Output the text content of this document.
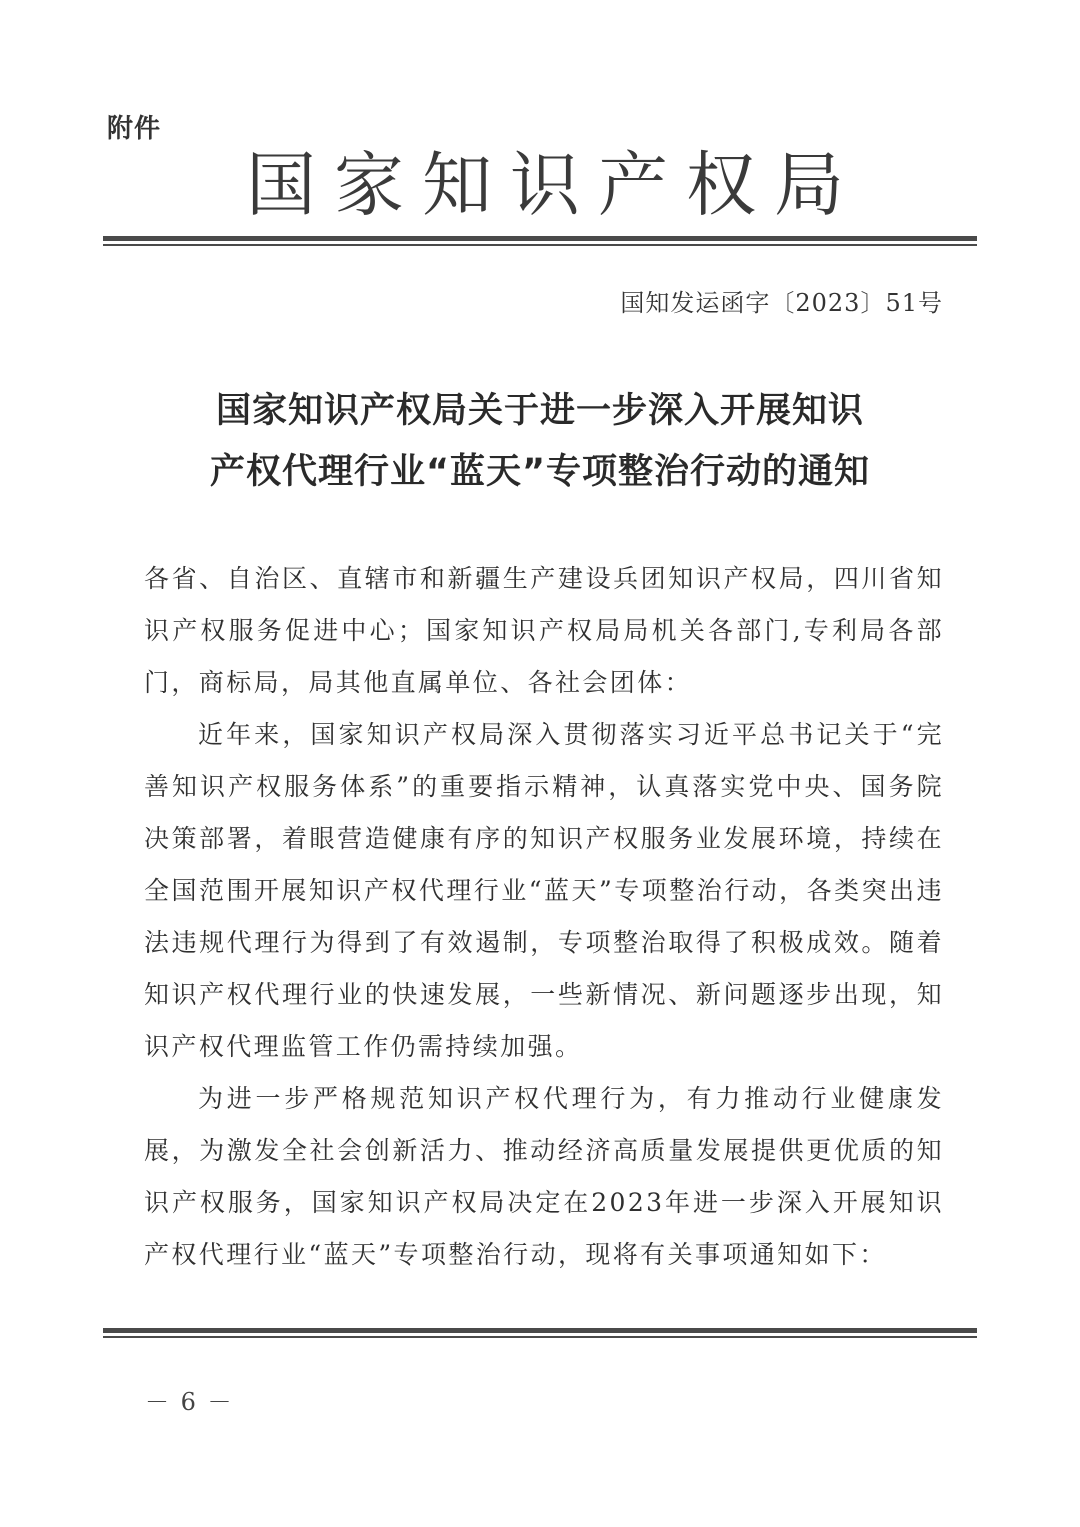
附件
国家知识产权局
国知发运函字〔2023〕51号
国家知识产权局关于进一步深入开展知识
产权代理行业“蓝天”专项整治行动的通知

各省、自治区、直辖市和新疆生产建设兵团知识产权局，四川省知识产权服务促进中心；国家知识产权局局机关各部门,专利局各部门，商标局，局其他直属单位、各社会团体：

近年来，国家知识产权局深入贯彻落实习近平总书记关于“完善知识产权服务体系”的重要指示精神，认真落实党中央、国务院决策部署，着眼营造健康有序的知识产权服务业发展环境，持续在全国范围开展知识产权代理行业“蓝天”专项整治行动，各类突出违法违规代理行为得到了有效遏制，专项整治取得了积极成效。随着知识产权代理行业的快速发展，一些新情况、新问题逐步出现，知识产权代理监管工作仍需持续加强。

为进一步严格规范知识产权代理行为，有力推动行业健康发展，为激发全社会创新活力、推动经济高质量发展提供更优质的知识产权服务，国家知识产权局决定在2023年进一步深入开展知识产权代理行业“蓝天”专项整治行动，现将有关事项通知如下：

－ 6 －
